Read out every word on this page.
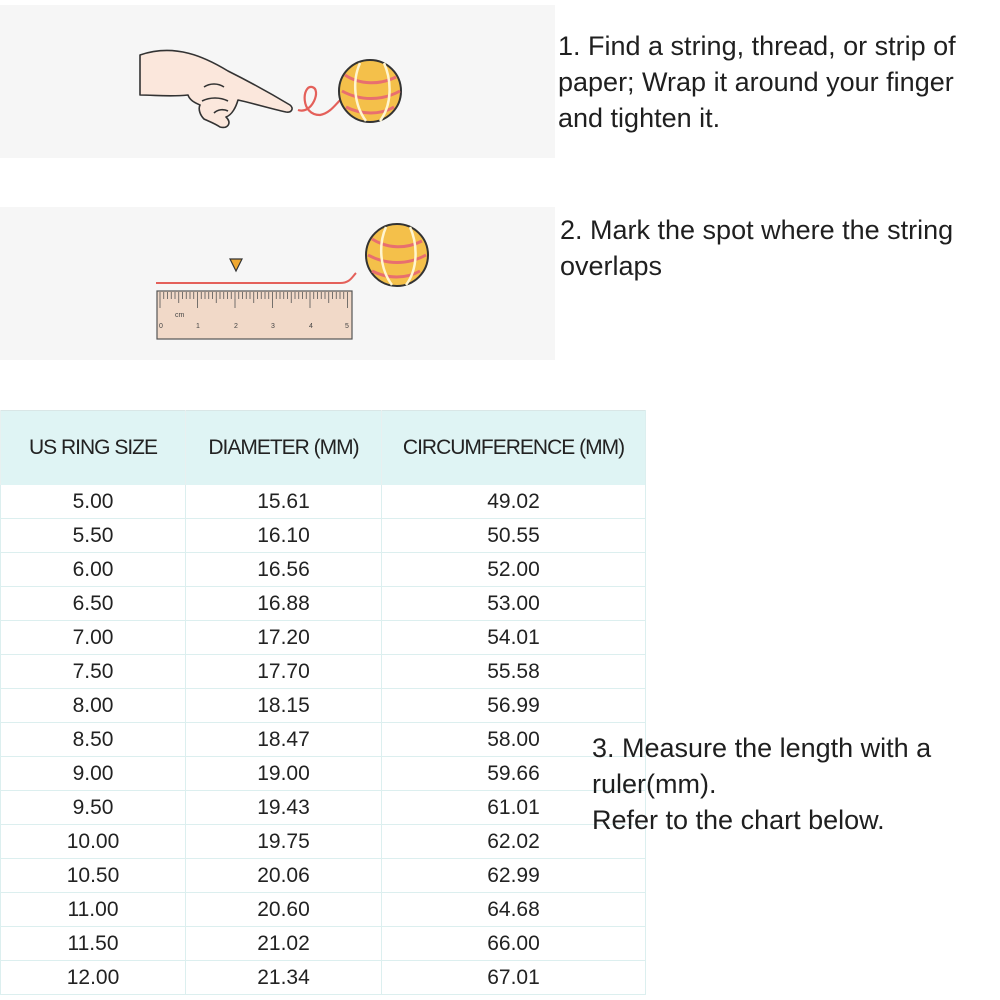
1. Find a string, thread, or strip of
paper; Wrap it around your finger
and tighten it.

cm
0	1	2	3	4	5

2. Mark the spot where the string
overlaps

US RING SIZE	DIAMETER (MM)	CIRCUMFERENCE (MM)
5.00	15.61	49.02
5.50	16.10	50.55
6.00	16.56	52.00
6.50	16.88	53.00
7.00	17.20	54.01
7.50	17.70	55.58
8.00	18.15	56.99
8.50	18.47	58.00
9.00	19.00	59.66
9.50	19.43	61.01
10.00	19.75	62.02
10.50	20.06	62.99
11.00	20.60	64.68
11.50	21.02	66.00
12.00	21.34	67.01

3. Measure the length with a
ruler(mm).
Refer to the chart below.
